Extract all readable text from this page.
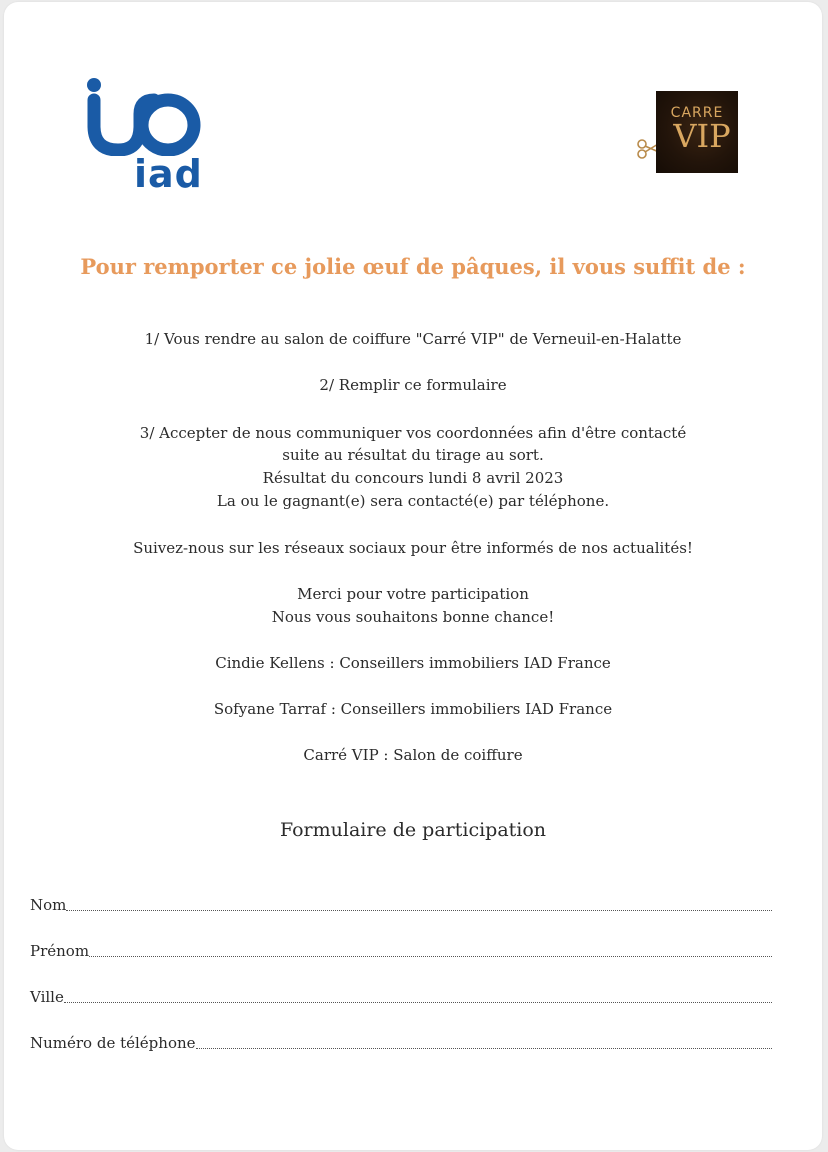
iad
CARRE
VIP
Pour remporter ce jolie œuf de pâques, il vous suffit de :
1/ Vous rendre au salon de coiffure "Carré VIP" de Verneuil-en-Halatte
2/ Remplir ce formulaire
3/ Accepter de nous communiquer vos coordonnées afin d'être contacté
suite au résultat du tirage au sort.
Résultat du concours lundi 8 avril 2023
La ou le gagnant(e) sera contacté(e) par téléphone.
Suivez-nous sur les réseaux sociaux pour être informés de nos actualités!
Merci pour votre participation
Nous vous souhaitons bonne chance!
Cindie Kellens : Conseillers immobiliers IAD France
Sofyane Tarraf : Conseillers immobiliers IAD France
Carré VIP : Salon de coiffure
Formulaire de participation
Nom
Prénom
Ville
Numéro de téléphone
